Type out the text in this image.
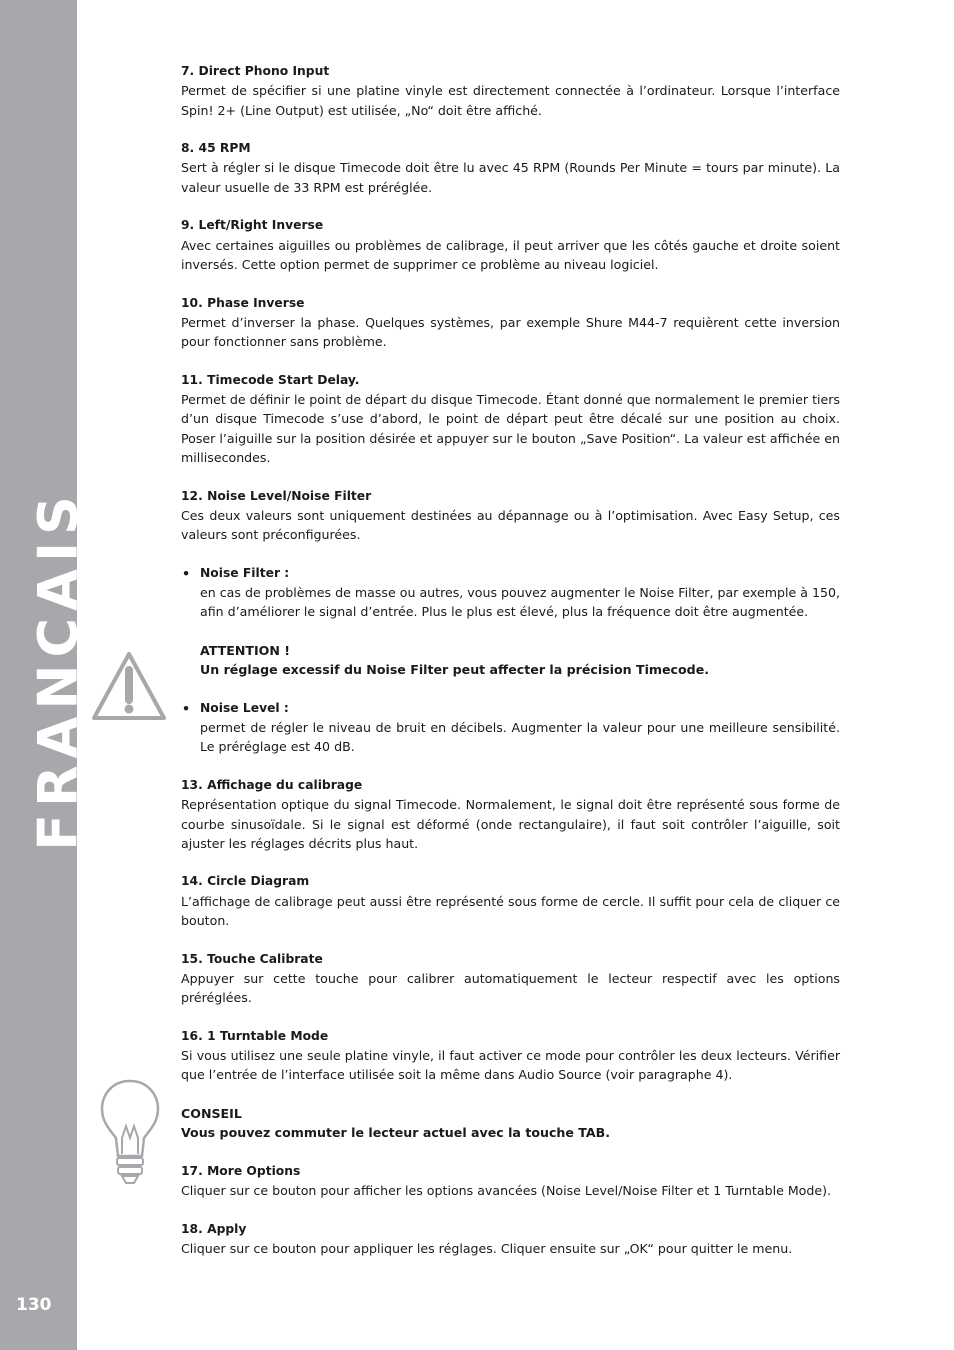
FRANCAIS
130
7. Direct Phono Input
Permet de spécifier si une platine vinyle est directement connectée à l’ordinateur. Lorsque l’interface Spin! 2+ (Line Output) est utilisée, „No“ doit être affiché.
8. 45 RPM
Sert à régler si le disque Timecode doit être lu avec 45 RPM (Rounds Per Minute = tours par minute). La valeur usuelle de 33 RPM est préréglée.
9. Left/Right Inverse
Avec certaines aiguilles ou problèmes de calibrage, il peut arriver que les côtés gauche et droite soient inversés. Cette option permet de supprimer ce problème au niveau logiciel.
10. Phase Inverse
Permet d’inverser la phase. Quelques systèmes, par exemple Shure M44-7 requièrent cette inversion pour fonctionner sans problème.
11. Timecode Start Delay.
Permet de définir le point de départ du disque Timecode. Étant donné que normalement le premier tiers d’un disque Timecode s’use d’abord, le point de départ peut être décalé sur une position au choix. Poser l’aiguille sur la position désirée et appuyer sur le bouton „Save Position“. La valeur est affichée en millisecondes.
12. Noise Level/Noise Filter
Ces deux valeurs sont uniquement destinées au dépannage ou à l’optimisation. Avec Easy Setup, ces valeurs sont préconfigurées.
• Noise Filter :
en cas de problèmes de masse ou autres, vous pouvez augmenter le Noise Filter, par exemple à 150, afin d’améliorer le signal d’entrée. Plus le plus est élevé, plus la fréquence doit être augmentée.
ATTENTION !
Un réglage excessif du Noise Filter peut affecter la précision Timecode.
• Noise Level :
permet de régler le niveau de bruit en décibels. Augmenter la valeur pour une meilleure sensibilité. Le préréglage est 40 dB.
13. Affichage du calibrage
Représentation optique du signal Timecode. Normalement, le signal doit être représenté sous forme de courbe sinusoïdale. Si le signal est déformé (onde rectangulaire), il faut soit contrôler l’aiguille, soit ajuster les réglages décrits plus haut.
14. Circle Diagram
L’affichage de calibrage peut aussi être représenté sous forme de cercle. Il suffit pour cela de cliquer ce bouton.
15. Touche Calibrate
Appuyer sur cette touche pour calibrer automatiquement le lecteur respectif avec les options préréglées.
16. 1 Turntable Mode
Si vous utilisez une seule platine vinyle, il faut activer ce mode pour contrôler les deux lecteurs. Vérifier que l’entrée de l’interface utilisée soit la même dans Audio Source (voir paragraphe 4).
CONSEIL
Vous pouvez commuter le lecteur actuel avec la touche TAB.
17. More Options
Cliquer sur ce bouton pour afficher les options avancées (Noise Level/Noise Filter et 1 Turntable Mode).
18. Apply
Cliquer sur ce bouton pour appliquer les réglages. Cliquer ensuite sur „OK“ pour quitter le menu.
